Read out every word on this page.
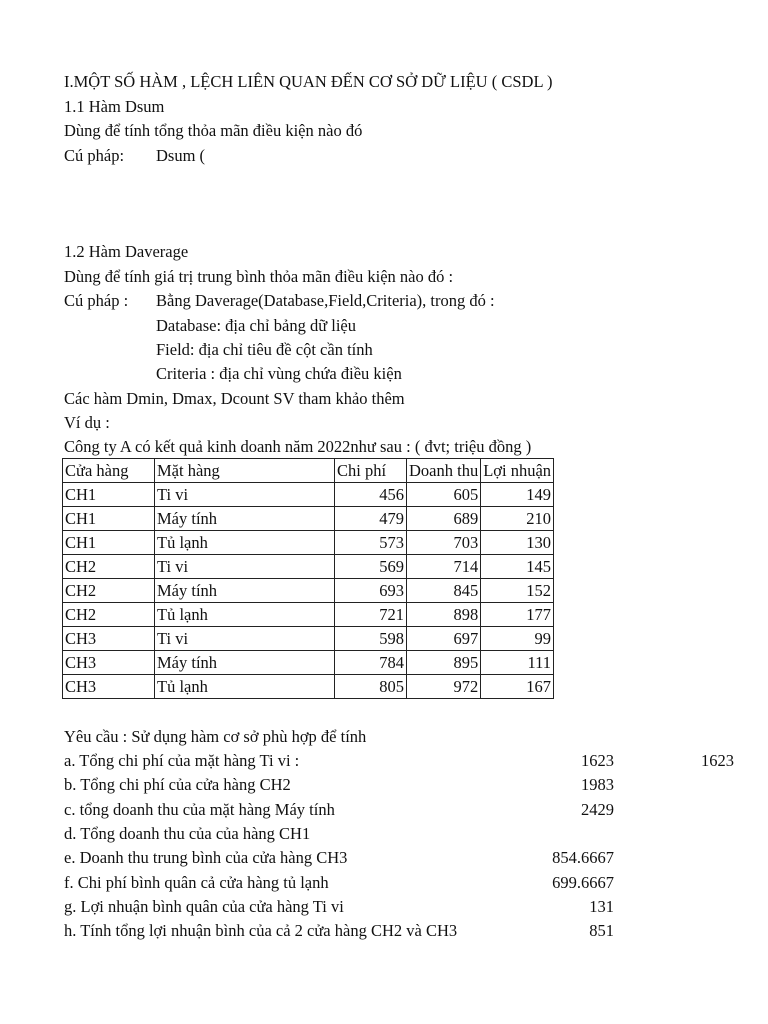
I.MỘT SỐ HÀM , LỆCH LIÊN QUAN ĐẾN CƠ SỞ DỮ LIỆU ( CSDL )
1.1 Hàm Dsum
Dùng để tính tổng thỏa mãn điều kiện nào đó
Cú pháp: Dsum (
1.2 Hàm Daverage
Dùng để tính giá trị trung bình thỏa mãn điều kiện nào đó :
Cú pháp : Bằng Daverage(Database,Field,Criteria), trong đó :
Database: địa chỉ bảng dữ liệu
Field: địa chỉ tiêu đề cột cần tính
Criteria : địa chỉ vùng chứa điều kiện
Các hàm Dmin, Dmax, Dcount SV tham khảo thêm
Ví dụ :
Công ty A có kết quả kinh doanh năm 2022như sau : ( đvt; triệu đồng )
Cửa hàng	Mặt hàng	Chi phí	Doanh thu	Lợi nhuận
CH1	Ti vi	456	605	149
CH1	Máy tính	479	689	210
CH1	Tủ lạnh	573	703	130
CH2	Ti vi	569	714	145
CH2	Máy tính	693	845	152
CH2	Tủ lạnh	721	898	177
CH3	Ti vi	598	697	99
CH3	Máy tính	784	895	111
CH3	Tủ lạnh	805	972	167
Yêu cầu : Sử dụng hàm cơ sở phù hợp để tính
a. Tổng chi phí của mặt hàng Ti vi :	1623	1623
b. Tổng chi phí của cửa hàng CH2	1983
c. tổng doanh thu của mặt hàng Máy tính	2429
d. Tổng doanh thu của của hàng CH1
e. Doanh thu trung bình của cửa hàng CH3	854.6667
f. Chi phí bình quân cả cửa hàng tủ lạnh	699.6667
g. Lợi nhuận bình quân của cửa hàng Ti vi	131
h. Tính tổng lợi nhuận bình của cả 2 cửa hàng CH2 và CH3	851
